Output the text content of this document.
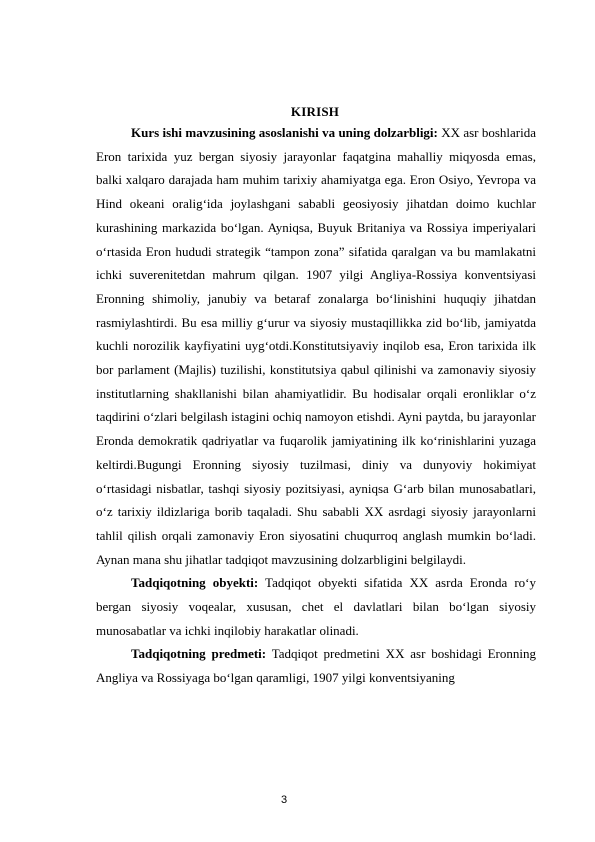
KIRISH

Kurs ishi mavzusining asoslanishi va uning dolzarbligi: XX asr boshlarida Eron tarixida yuz bergan siyosiy jarayonlar faqatgina mahalliy miqyosda emas, balki xalqaro darajada ham muhim tarixiy ahamiyatga ega. Eron Osiyo, Yevropa va Hind okeani oralig‘ida joylashgani sababli geosiyosiy jihatdan doimo kuchlar kurashining markazida bo‘lgan. Ayniqsa, Buyuk Britaniya va Rossiya imperiyalari o‘rtasida Eron hududi strategik “tampon zona” sifatida qaralgan va bu mamlakatni ichki suverenitetdan mahrum qilgan. 1907 yilgi Angliya-Rossiya konventsiyasi Eronning shimoliy, janubiy va betaraf zonalarga bo‘linishini huquqiy jihatdan rasmiylashtirdi. Bu esa milliy g‘urur va siyosiy mustaqillikka zid bo‘lib, jamiyatda kuchli norozilik kayfiyatini uyg‘otdi.Konstitutsiyaviy inqilob esa, Eron tarixida ilk bor parlament (Majlis) tuzilishi, konstitutsiya qabul qilinishi va zamonaviy siyosiy institutlarning shakllanishi bilan ahamiyatlidir. Bu hodisalar orqali eronliklar o‘z taqdirini o‘zlari belgilash istagini ochiq namoyon etishdi. Ayni paytda, bu jarayonlar Eronda demokratik qadriyatlar va fuqarolik jamiyatining ilk ko‘rinishlarini yuzaga keltirdi.Bugungi Eronning siyosiy tuzilmasi, diniy va dunyoviy hokimiyat o‘rtasidagi nisbatlar, tashqi siyosiy pozitsiyasi, ayniqsa G‘arb bilan munosabatlari, o‘z tarixiy ildizlariga borib taqaladi. Shu sababli XX asrdagi siyosiy jarayonlarni tahlil qilish orqali zamonaviy Eron siyosatini chuqurroq anglash mumkin bo‘ladi. Aynan mana shu jihatlar tadqiqot mavzusining dolzarbligini belgilaydi.

Tadqiqotning obyekti: Tadqiqot obyekti sifatida XX asrda Eronda ro‘y bergan siyosiy voqealar, xususan, chet el davlatlari bilan bo‘lgan siyosiy munosabatlar va ichki inqilobiy harakatlar olinadi.

Tadqiqotning predmeti: Tadqiqot predmetini XX asr boshidagi Eronning Angliya va Rossiyaga bo‘lgan qaramligi, 1907 yilgi konventsiyaning

3
